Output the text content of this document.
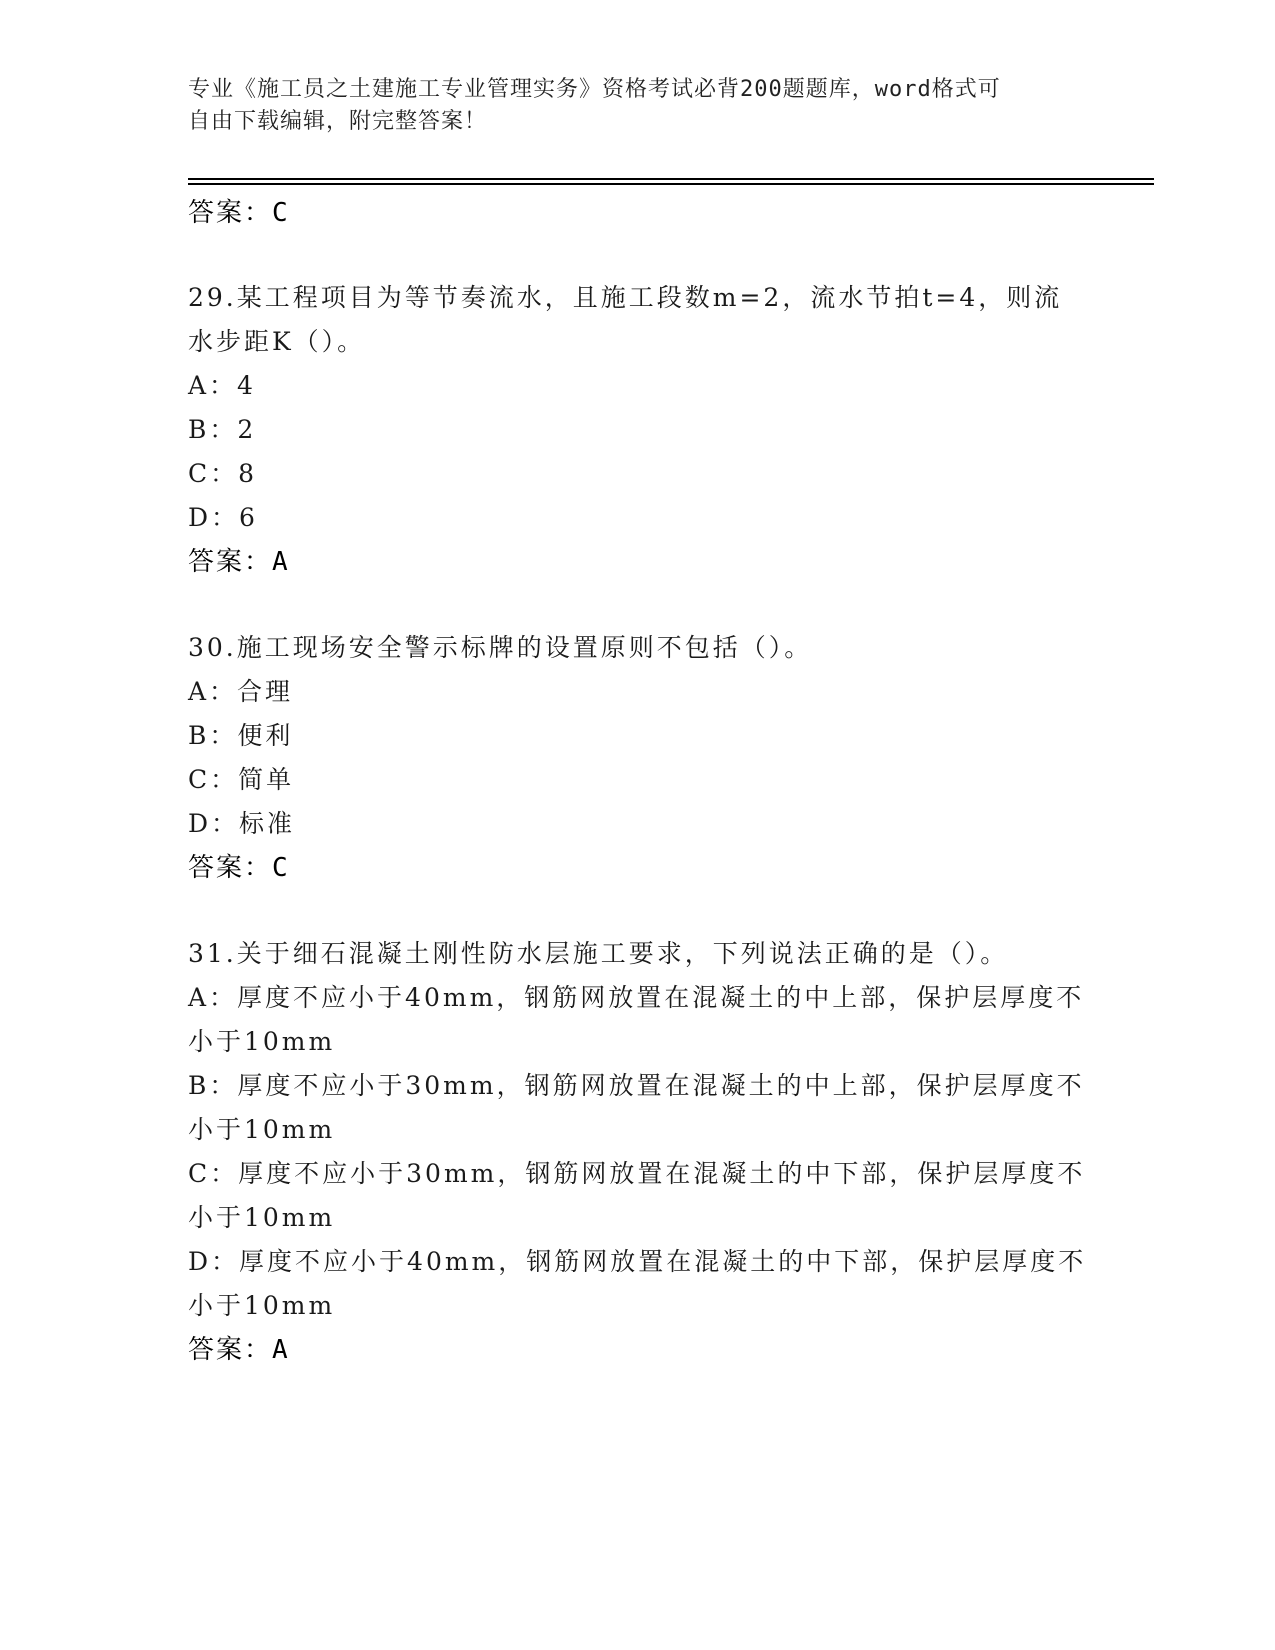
专业《施工员之土建施工专业管理实务》资格考试必背200题题库，word格式可
自由下载编辑，附完整答案！
答案：C
29.某工程项目为等节奏流水，且施工段数m=2，流水节拍t=4，则流
水步距K（）。
A：4
B：2
C：8
D：6
答案：A
30.施工现场安全警示标牌的设置原则不包括（）。
A：合理
B：便利
C：简单
D：标准
答案：C
31.关于细石混凝土刚性防水层施工要求，下列说法正确的是（）。
A：厚度不应小于40mm，钢筋网放置在混凝土的中上部，保护层厚度不
小于10mm
B：厚度不应小于30mm，钢筋网放置在混凝土的中上部，保护层厚度不
小于10mm
C：厚度不应小于30mm，钢筋网放置在混凝土的中下部，保护层厚度不
小于10mm
D：厚度不应小于40mm，钢筋网放置在混凝土的中下部，保护层厚度不
小于10mm
答案：A
